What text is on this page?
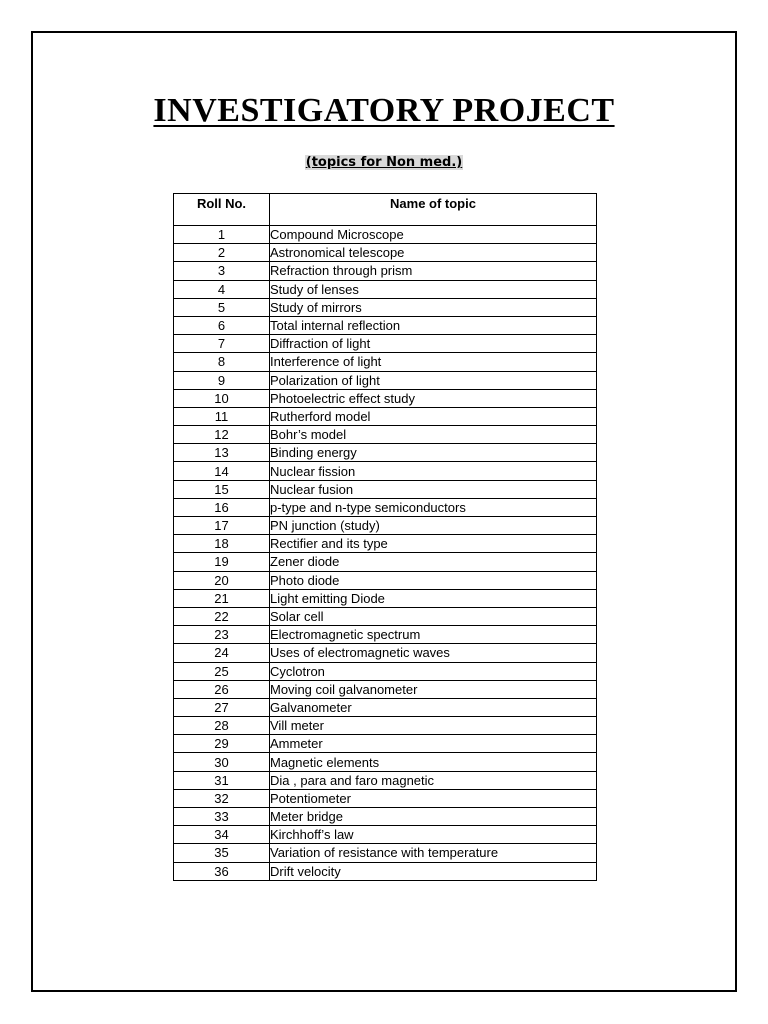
INVESTIGATORY PROJECT
(topics for Non med.)
Roll No.	Name of topic
1	Compound Microscope
2	Astronomical telescope
3	Refraction through prism
4	Study of lenses
5	Study of mirrors
6	Total internal reflection
7	Diffraction of light
8	Interference of light
9	Polarization of light
10	Photoelectric effect study
11	Rutherford model
12	Bohr’s model
13	Binding energy
14	Nuclear fission
15	Nuclear fusion
16	p-type and n-type semiconductors
17	PN junction (study)
18	Rectifier and its type
19	Zener diode
20	Photo diode
21	Light emitting Diode
22	Solar cell
23	Electromagnetic spectrum
24	Uses of electromagnetic waves
25	Cyclotron
26	Moving coil galvanometer
27	Galvanometer
28	Vill meter
29	Ammeter
30	Magnetic elements
31	Dia , para and faro magnetic
32	Potentiometer
33	Meter bridge
34	Kirchhoff’s law
35	Variation of resistance with temperature
36	Drift velocity
